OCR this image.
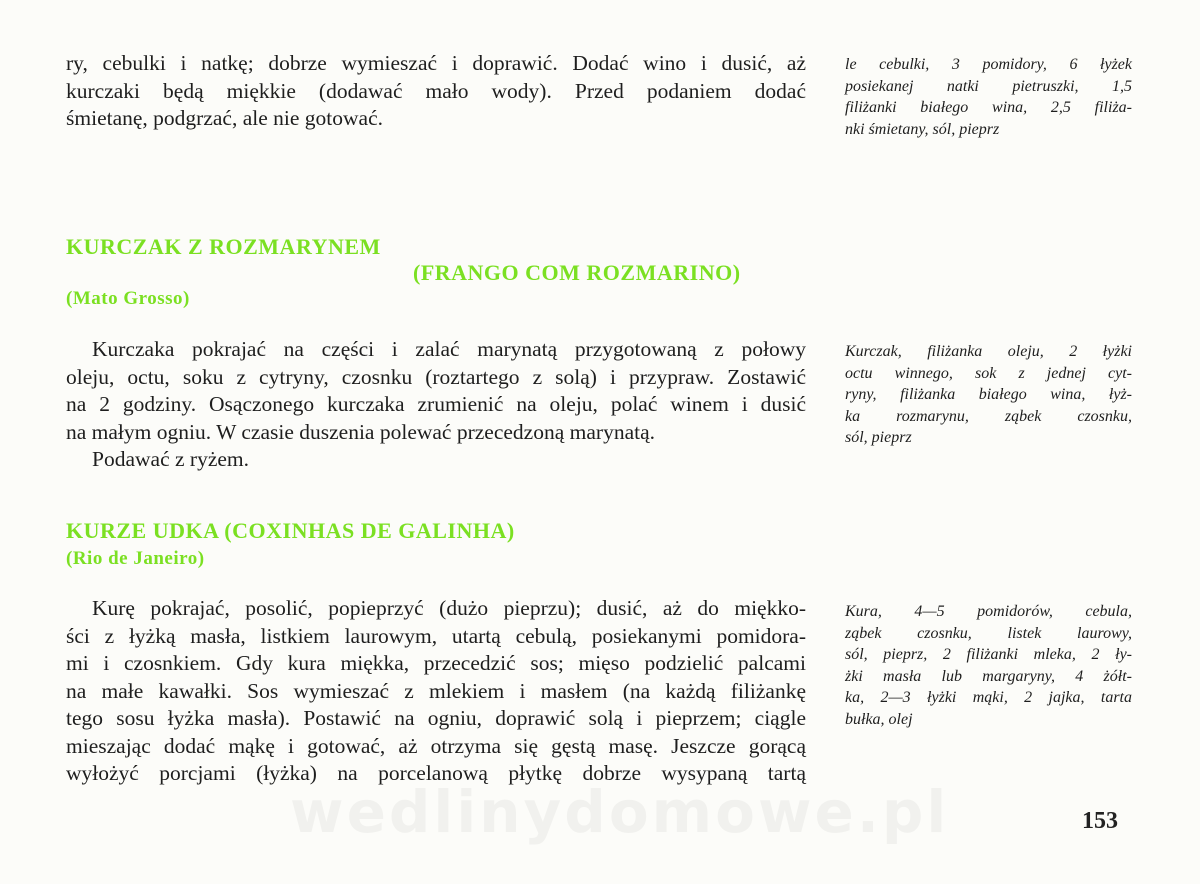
ry, cebulki i natkę; dobrze wymieszać i doprawić. Dodać wino i dusić, aż
kurczaki będą miękkie (dodawać mało wody). Przed podaniem dodać
śmietanę, podgrzać, ale nie gotować.
le cebulki, 3 pomidory, 6 łyżek
posiekanej natki pietruszki, 1,5
filiżanki białego wina, 2,5 filiża-
nki śmietany, sól, pieprz
KURCZAK Z ROZMARYNEM
(FRANGO COM ROZMARINO)
(Mato Grosso)
Kurczaka pokrajać na części i zalać marynatą przygotowaną z połowy
oleju, octu, soku z cytryny, czosnku (roztartego z solą) i przypraw. Zostawić
na 2 godziny. Osączonego kurczaka zrumienić na oleju, polać winem i dusić
na małym ogniu. W czasie duszenia polewać przecedzoną marynatą.
Podawać z ryżem.
Kurczak, filiżanka oleju, 2 łyżki
octu winnego, sok z jednej cyt-
ryny, filiżanka białego wina, łyż-
ka rozmarynu, ząbek czosnku,
sól, pieprz
KURZE UDKA (COXINHAS DE GALINHA)
(Rio de Janeiro)
Kurę pokrajać, posolić, popieprzyć (dużo pieprzu); dusić, aż do miękko-
ści z łyżką masła, listkiem laurowym, utartą cebulą, posiekanymi pomidora-
mi i czosnkiem. Gdy kura miękka, przecedzić sos; mięso podzielić palcami
na małe kawałki. Sos wymieszać z mlekiem i masłem (na każdą filiżankę
tego sosu łyżka masła). Postawić na ogniu, doprawić solą i pieprzem; ciągle
mieszając dodać mąkę i gotować, aż otrzyma się gęstą masę. Jeszcze gorącą
wyłożyć porcjami (łyżka) na porcelanową płytkę dobrze wysypaną tartą
Kura, 4—5 pomidorów, cebula,
ząbek czosnku, listek laurowy,
sól, pieprz, 2 filiżanki mleka, 2 ły-
żki masła lub margaryny, 4 żółt-
ka, 2—3 łyżki mąki, 2 jajka, tarta
bułka, olej
153
